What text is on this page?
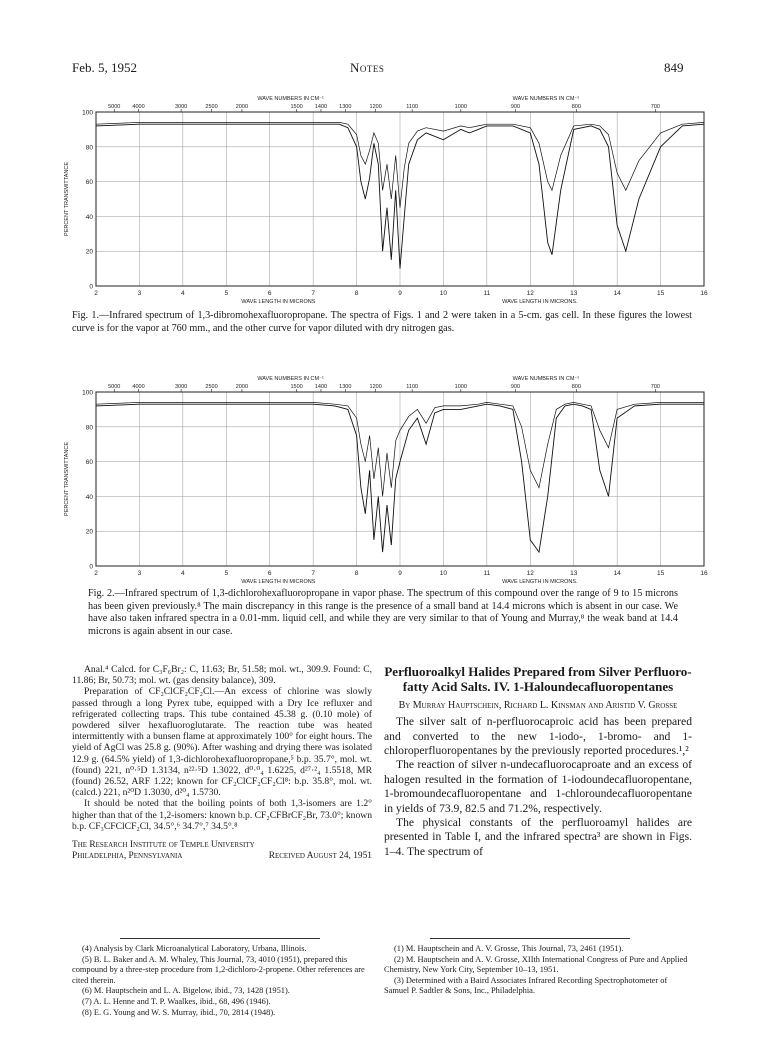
Feb. 5, 1952	Notes	849
2	3	4	5	6	7	8	9	10	11	12	13	14	15	16
0
20
40
60
80
100
5000 4000	3000	2500	2000	1500 1400 1300	1200	1100	1000	900	800	700
WAVE NUMBERS IN CM⁻¹	WAVE NUMBERS IN CM⁻¹
WAVE LENGTH IN MICRONS	WAVE LENGTH IN MICRONS.
PERCENT TRANSMITTANCE
Fig. 1.—Infrared spectrum of 1,3-dibromohexafluoropropane. The spectra of Figs. 1 and 2 were taken in a 5-cm. gas cell. In these figures the lowest curve is for the vapor at 760 mm., and the other curve for vapor diluted with dry nitrogen gas.
2	3	4	5	6	7	8	9	10	11	12	13	14	15	16
0
20
40
60
80
100
5000 4000	3000	2500	2000	1500 1400 1300	1200	1100	1000	900	800	700
WAVE NUMBERS IN CM⁻¹	WAVE NUMBERS IN CM⁻¹
WAVE LENGTH IN MICRONS	WAVE LENGTH IN MICRONS.
PERCENT TRANSMITTANCE
Fig. 2.—Infrared spectrum of 1,3-dichlorohexafluoropropane in vapor phase. The spectrum of this compound over the range of 9 to 15 microns has been given previously.⁸ The main discrepancy in this range is the presence of a small band at 14.4 microns which is absent in our case. We have also taken infrared spectra in a 0.01-mm. liquid cell, and while they are very similar to that of Young and Murray,⁸ the weak band at 14.4 microns is again absent in our case.

Anal.⁴ Calcd. for C₃F₆Br₂: C, 11.63; Br, 51.58; mol. wt., 309.9. Found: C, 11.86; Br, 50.73; mol. wt. (gas density balance), 309.

Preparation of CF₂ClCF₂CF₂Cl.—An excess of chlorine was slowly passed through a long Pyrex tube, equipped with a Dry Ice refluxer and refrigerated collecting traps. This tube contained 45.38 g. (0.10 mole) of powdered silver hexafluoroglutarate. The reaction tube was heated intermittently with a bunsen flame at approximately 100° for eight hours. The yield of AgCl was 25.8 g. (90%). After washing and drying there was isolated 12.9 g. (64.5% yield) of 1,3-dichlorohexafluoropropane,⁵ b.p. 35.7°, mol. wt. (found) 221, n⁰·⁵D 1.3134, n²²·⁵D 1.3022, d⁰·⁰₄ 1.6225, d²⁷·²₄ 1.5518, MR (found) 26.52, ARF 1.22; known for CF₂ClCF₂CF₂Cl⁸: b.p. 35.8°, mol. wt. (calcd.) 221, n²⁰D 1.3030, d²⁰₄ 1.5730.

It should be noted that the boiling points of both 1,3-isomers are 1.2° higher than that of the 1,2-isomers: known b.p. CF₂CFBrCF₂Br, 73.0°; known b.p. CF₃CFClCF₂Cl, 34.5°,⁶ 34.7°,⁷ 34.5°.⁸

The Research Institute of Temple University
Philadelphia, Pennsylvania	Received August 24, 1951
(4) Analysis by Clark Microanalytical Laboratory, Urbana, Illinois.
(5) B. L. Baker and A. M. Whaley, This Journal, 73, 4010 (1951), prepared this compound by a three-step procedure from 1,2-dichloro-2-propene. Other references are cited therein.
(6) M. Hauptschein and L. A. Bigelow, ibid., 73, 1428 (1951).
(7) A. L. Henne and T. P. Waalkes, ibid., 68, 496 (1946).
(8) E. G. Young and W. S. Murray, ibid., 70, 2814 (1948).
Perfluoroalkyl Halides Prepared from Silver Perfluoro-fatty Acid Salts. IV. 1-Haloundecafluoropentanes
By Murray Hauptschein, Richard L. Kinsman and Aristid V. Grosse

The silver salt of n-perfluorocaproic acid has been prepared and converted to the new 1-iodo-, 1-bromo- and 1-chloroperfluoropentanes by the previously reported procedures.¹,²

The reaction of silver n-undecafluorocaproate and an excess of halogen resulted in the formation of 1-iodoundecafluoropentane, 1-bromoundecafluoropentane and 1-chloroundecafluoropentane in yields of 73.9, 82.5 and 71.2%, respectively.

The physical constants of the perfluoroamyl halides are presented in Table I, and the infrared spectra³ are shown in Figs. 1–4. The spectrum of

(1) M. Hauptschein and A. V. Grosse, This Journal, 73, 2461 (1951).
(2) M. Hauptschein and A. V. Grosse, XIIth International Congress of Pure and Applied Chemistry, New York City, September 10–13, 1951.
(3) Determined with a Baird Associates Infrared Recording Spectrophotometer of Samuel P. Sadtler & Sons, Inc., Philadelphia.
